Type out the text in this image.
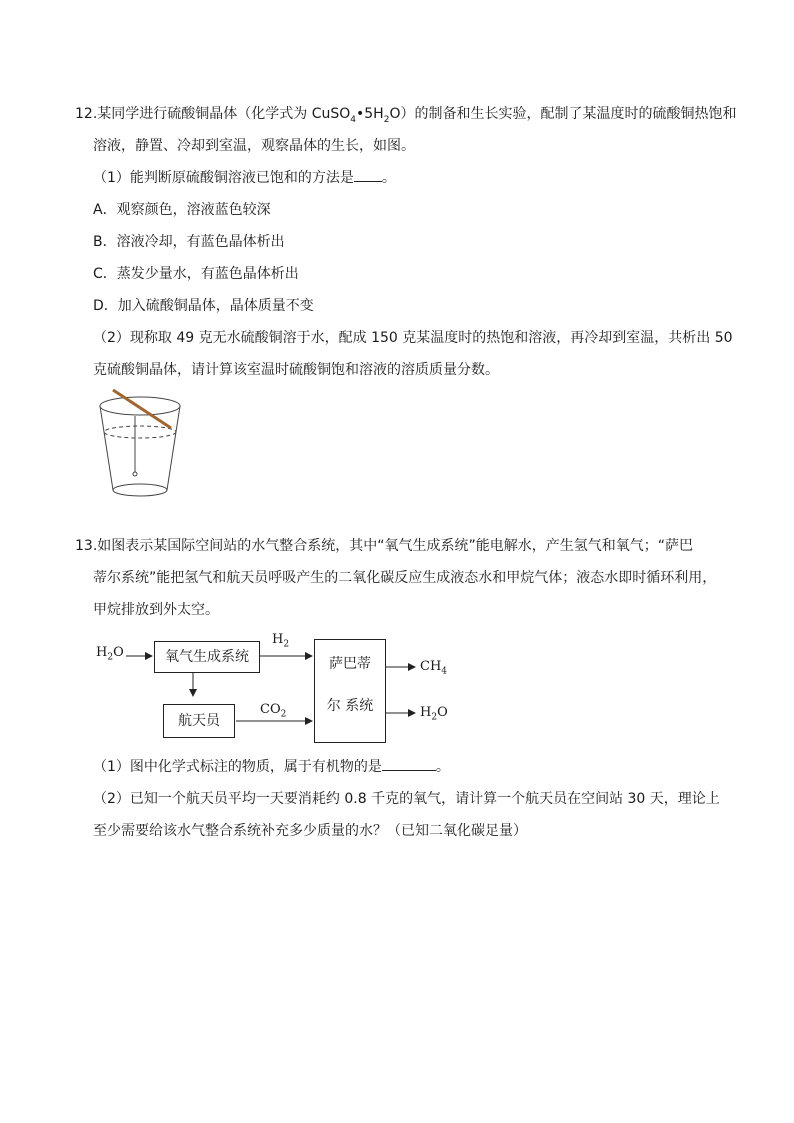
12.某同学进行硫酸铜晶体（化学式为 $CuSO_4•5H_2O$）的制备和生长实验，配制了某温度时的硫酸铜热饱和
溶液，静置、冷却到室温，观察晶体的生长，如图。
（1）能判断原硫酸铜溶液已饱和的方法是 。
A．观察颜色，溶液蓝色较深
B．溶液冷却，有蓝色晶体析出
C．蒸发少量水，有蓝色晶体析出
D．加入硫酸铜晶体，晶体质量不变
（2）现称取 49 克无水硫酸铜溶于水，配成 150 克某温度时的热饱和溶液，再冷却到室温，共析出 50
克硫酸铜晶体，请计算该室温时硫酸铜饱和溶液的溶质质量分数。
13.如图表示某国际空间站的水气整合系统，其中“氧气生成系统”能电解水，产生氢气和氧气；“萨巴
蒂尔系统”能把氢气和航天员呼吸产生的二氧化碳反应生成液态水和甲烷气体；液态水即时循环利用，
甲烷排放到外太空。
$H_2O$	氧气生成系统
$H_2$
航天员
$CO_2$
萨巴蒂
尔 系统
$CH_4$
$H_2O$
（1）图中化学式标注的物质，属于有机物的是	。
（2）已知一个航天员平均一天要消耗约 0.8 千克的氧气，请计算一个航天员在空间站 30 天，理论上
至少需要给该水气整合系统补充多少质量的水？（已知二氧化碳足量）
